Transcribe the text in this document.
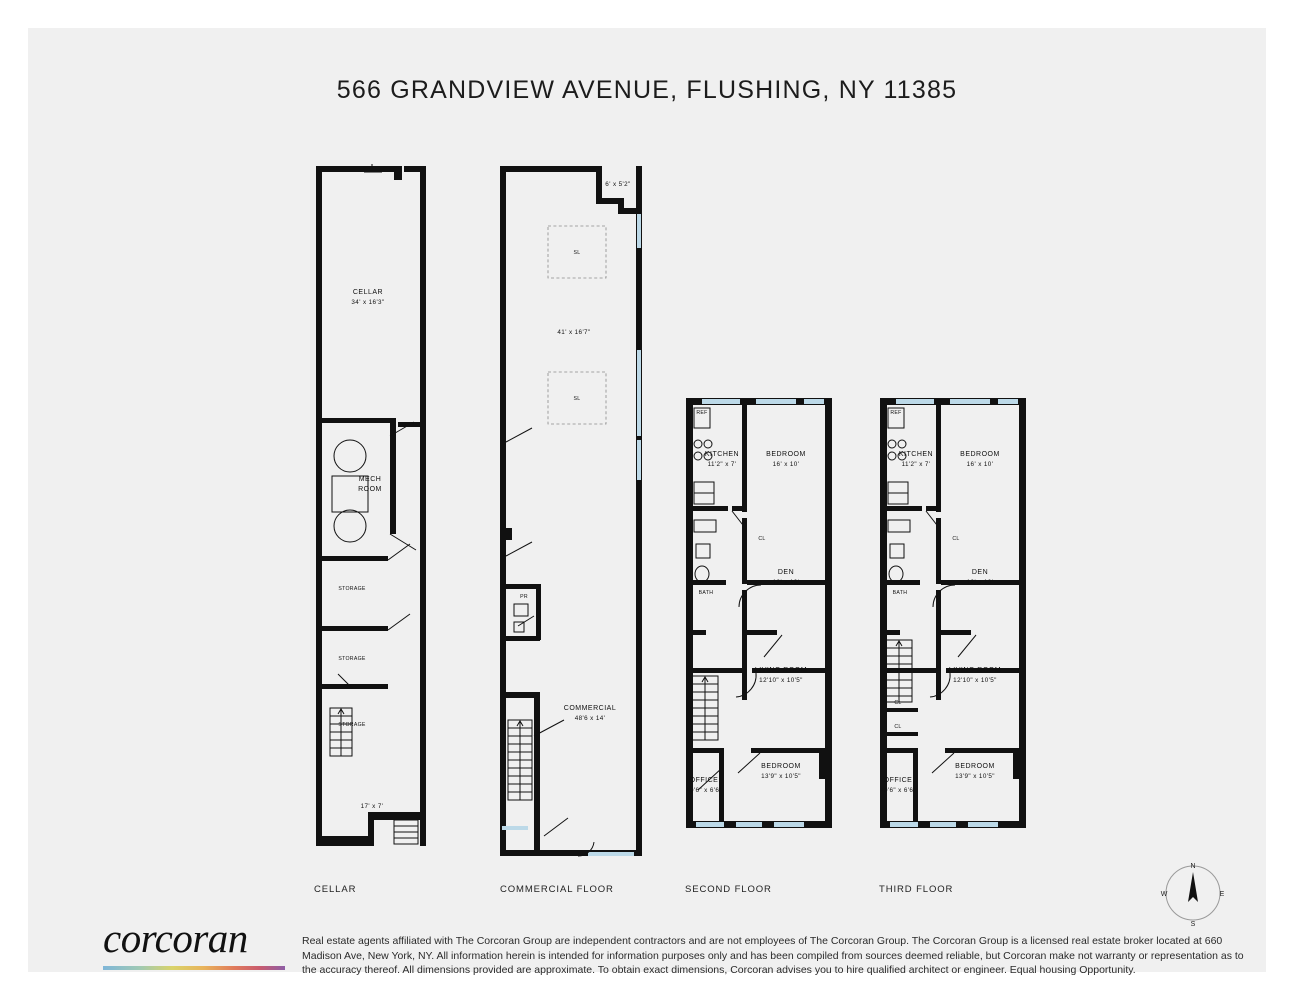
566 GRANDVIEW AVENUE, FLUSHING, NY 11385
CELLAR
34' x 16'3"
MECH
ROOM
STORAGE
STORAGE
STORAGE
17' x 7'
CELLAR
6' x 5'2"
SL
41' x 16'7"
SL
PR
COMMERCIAL
48'6 x 14'
COMMERCIAL FLOOR
REF
KITCHEN
11'2" x 7'
BEDROOM
16' x 10'
CL
BATH
DEN
12' x 10'
LIVING ROOM
12'10" x 10'5"
OFFICE
10'6" x 6'6"
BEDROOM
13'9" x 10'5"
SECOND FLOOR
REF
KITCHEN
11'2" x 7'
BEDROOM
16' x 10'
CL
BATH
DEN
12' x 10'
LIVING ROOM
12'10" x 10'5"
CL
CL
OFFICE
10'6" x 6'6"
BEDROOM
13'9" x 10'5"
THIRD FLOOR
N
E
S
W
corcoran	Real estate agents affiliated with The Corcoran Group are independent contractors and are not employees of The Corcoran Group. The Corcoran Group is a licensed real estate broker located at 660 Madison Ave, New York, NY. All information herein is intended for information purposes only and has been compiled from sources deemed reliable, but Corcoran make not warranty or representation as to the accuracy thereof. All dimensions provided are approximate. To obtain exact dimensions, Corcoran advises you to hire qualified architect or engineer. Equal housing Opportunity.
